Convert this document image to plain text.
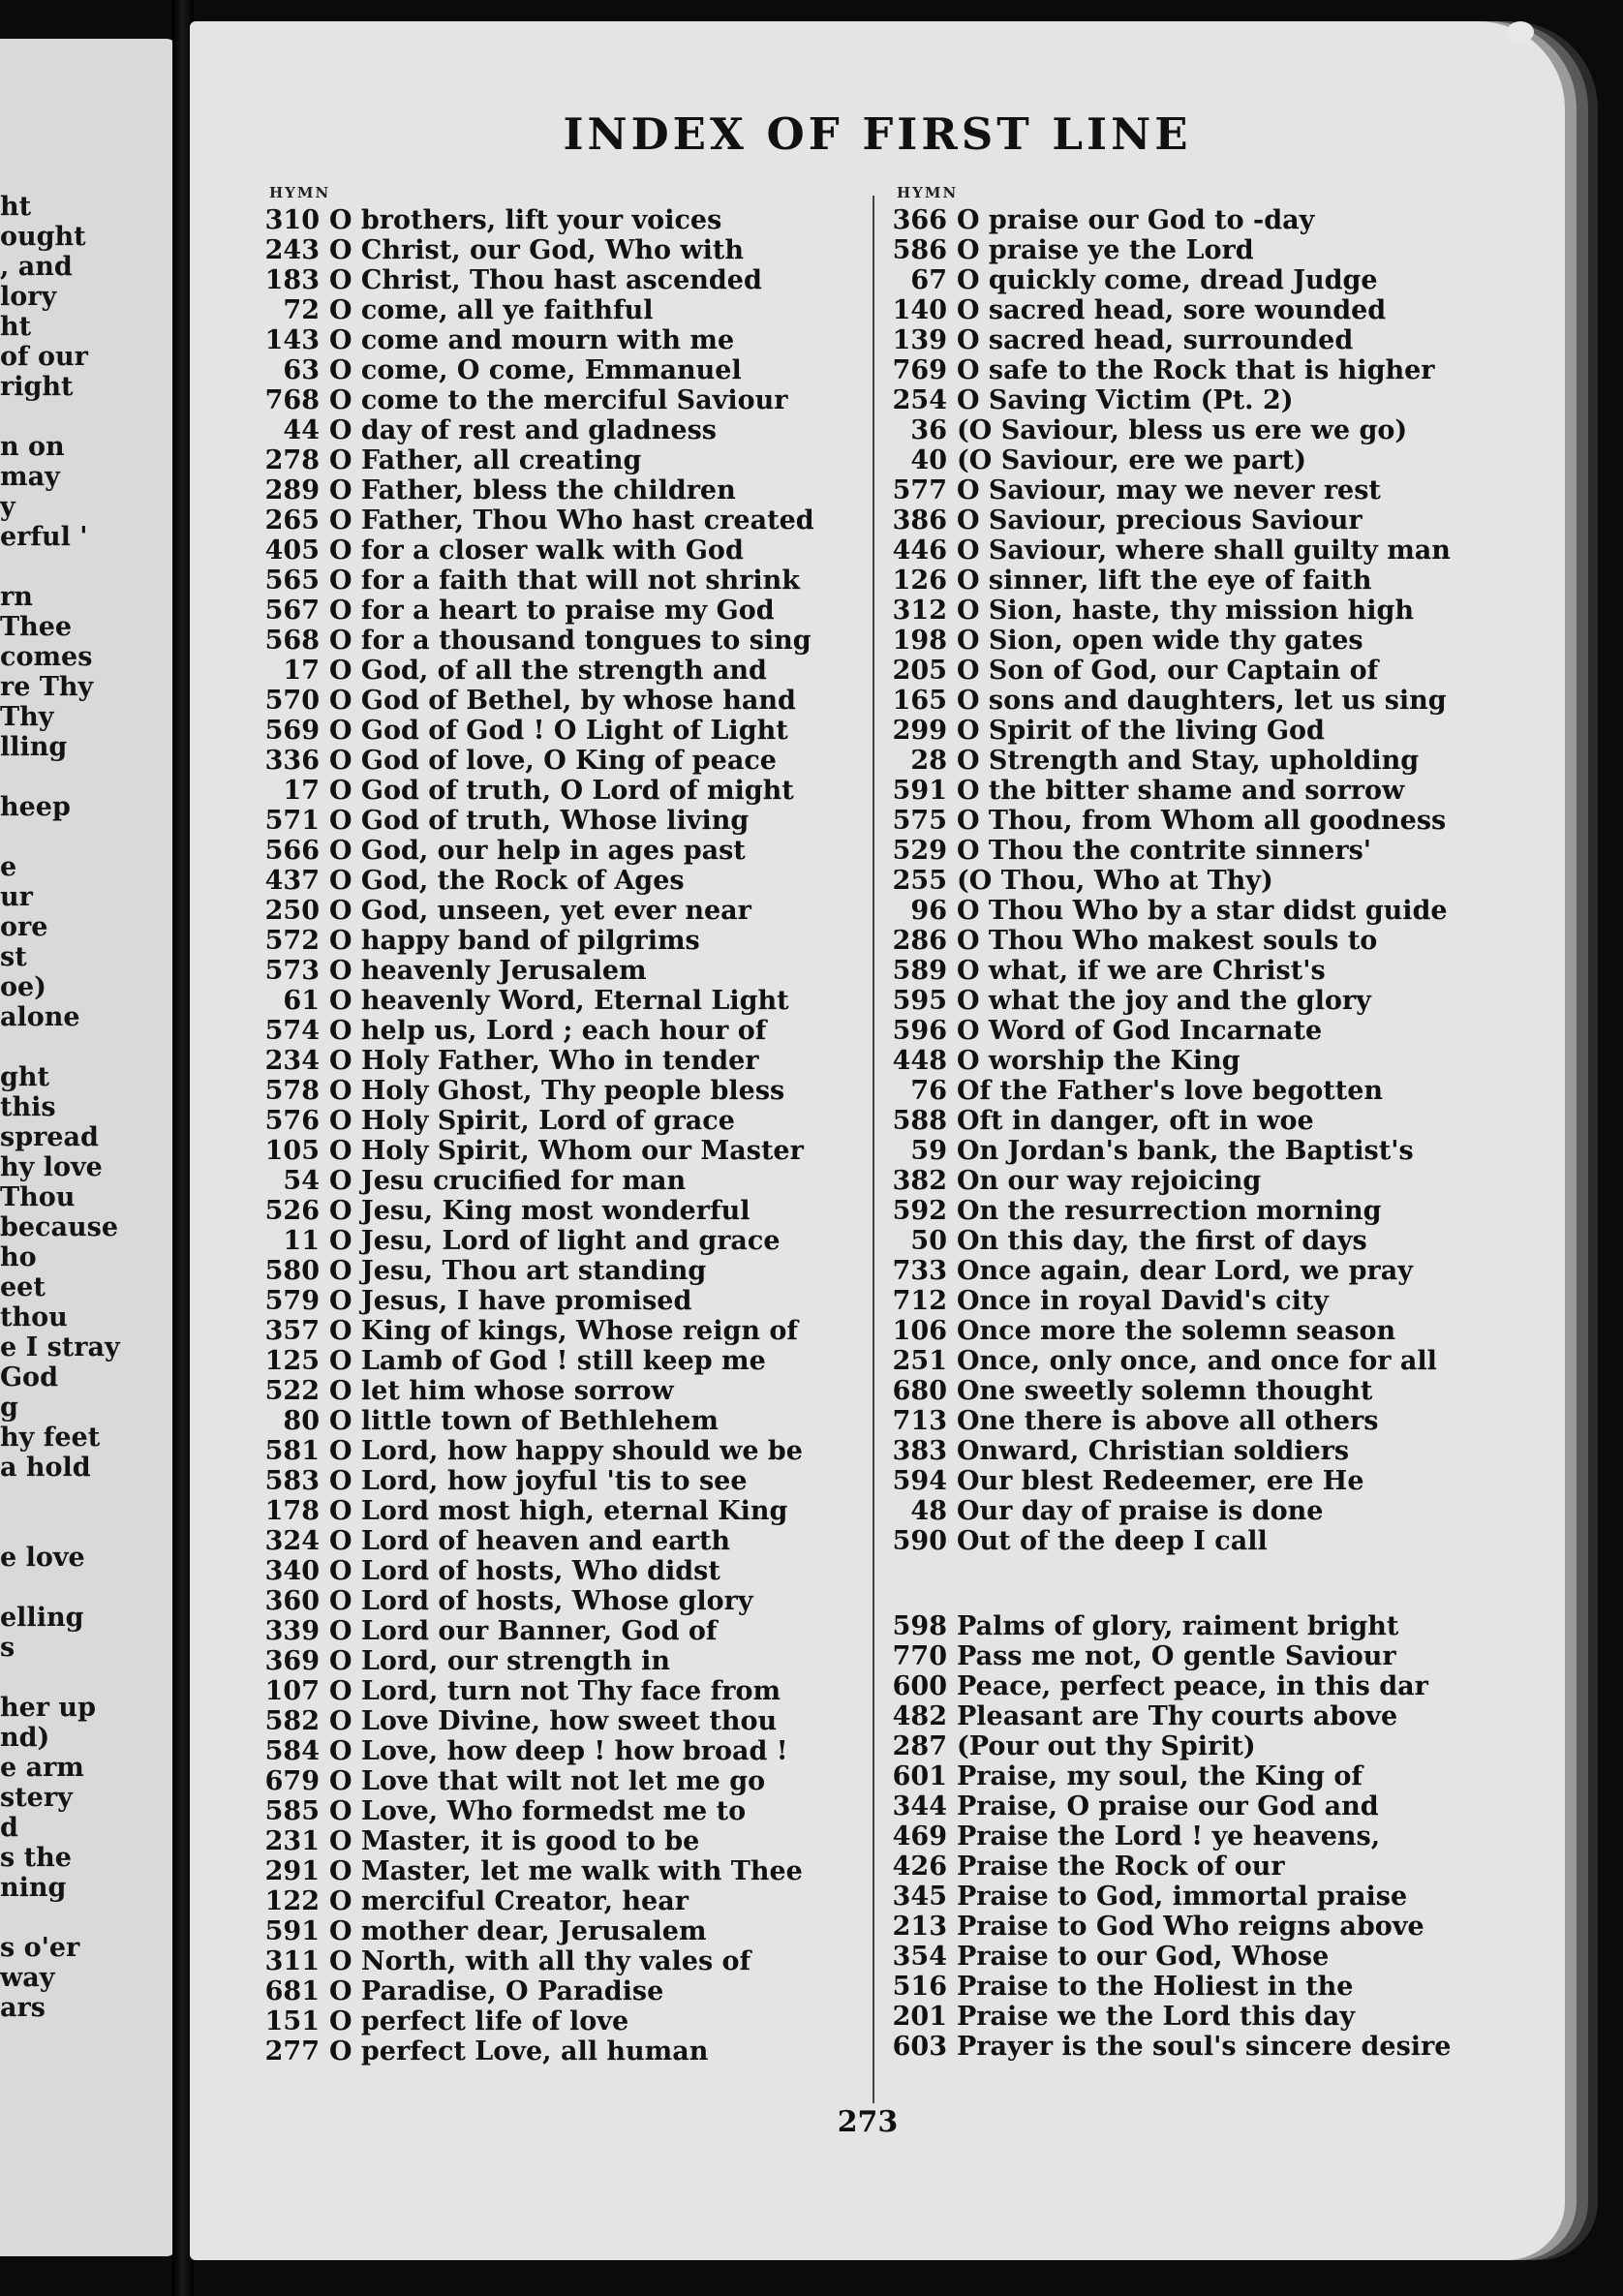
ht
ought
, and
lory
ht
of our
right
n on
may
y
erful '
rn
Thee
comes
re Thy
Thy
lling
heep
e
ur
ore
st
oe)
alone
ght
this
spread
hy love
Thou
because
ho
eet
thou
e I stray
God
g
hy feet
a hold
e love
elling
s
her up
nd)
e arm
stery
d
s the
ning
s o'er
way
ars
INDEX OF FIRST LINE
HYMN
310 O brothers, lift your voices
243 O Christ, our God, Who with
183 O Christ, Thou hast ascended
72 O come, all ye faithful
143 O come and mourn with me
63 O come, O come, Emmanuel
768 O come to the merciful Saviour
44 O day of rest and gladness
278 O Father, all creating
289 O Father, bless the children
265 O Father, Thou Who hast created
405 O for a closer walk with God
565 O for a faith that will not shrink
567 O for a heart to praise my God
568 O for a thousand tongues to sing
17 O God, of all the strength and
570 O God of Bethel, by whose hand
569 O God of God ! O Light of Light
336 O God of love, O King of peace
17 O God of truth, O Lord of might
571 O God of truth, Whose living
566 O God, our help in ages past
437 O God, the Rock of Ages
250 O God, unseen, yet ever near
572 O happy band of pilgrims
573 O heavenly Jerusalem
61 O heavenly Word, Eternal Light
574 O help us, Lord ; each hour of
234 O Holy Father, Who in tender
578 O Holy Ghost, Thy people bless
576 O Holy Spirit, Lord of grace
105 O Holy Spirit, Whom our Master
54 O Jesu crucified for man
526 O Jesu, King most wonderful
11 O Jesu, Lord of light and grace
580 O Jesu, Thou art standing
579 O Jesus, I have promised
357 O King of kings, Whose reign of
125 O Lamb of God ! still keep me
522 O let him whose sorrow
80 O little town of Bethlehem
581 O Lord, how happy should we be
583 O Lord, how joyful 'tis to see
178 O Lord most high, eternal King
324 O Lord of heaven and earth
340 O Lord of hosts, Who didst
360 O Lord of hosts, Whose glory
339 O Lord our Banner, God of
369 O Lord, our strength in
107 O Lord, turn not Thy face from
582 O Love Divine, how sweet thou
584 O Love, how deep ! how broad !
679 O Love that wilt not let me go
585 O Love, Who formedst me to
231 O Master, it is good to be
291 O Master, let me walk with Thee
122 O merciful Creator, hear
591 O mother dear, Jerusalem
311 O North, with all thy vales of
681 O Paradise, O Paradise
151 O perfect life of love
277 O perfect Love, all human
HYMN
366 O praise our God to -day
586 O praise ye the Lord
67 O quickly come, dread Judge
140 O sacred head, sore wounded
139 O sacred head, surrounded
769 O safe to the Rock that is higher
254 O Saving Victim (Pt. 2)
36 (O Saviour, bless us ere we go)
40 (O Saviour, ere we part)
577 O Saviour, may we never rest
386 O Saviour, precious Saviour
446 O Saviour, where shall guilty man
126 O sinner, lift the eye of faith
312 O Sion, haste, thy mission high
198 O Sion, open wide thy gates
205 O Son of God, our Captain of
165 O sons and daughters, let us sing
299 O Spirit of the living God
28 O Strength and Stay, upholding
591 O the bitter shame and sorrow
575 O Thou, from Whom all goodness
529 O Thou the contrite sinners'
255 (O Thou, Who at Thy)
96 O Thou Who by a star didst guide
286 O Thou Who makest souls to
589 O what, if we are Christ's
595 O what the joy and the glory
596 O Word of God Incarnate
448 O worship the King
76 Of the Father's love begotten
588 Oft in danger, oft in woe
59 On Jordan's bank, the Baptist's
382 On our way rejoicing
592 On the resurrection morning
50 On this day, the first of days
733 Once again, dear Lord, we pray
712 Once in royal David's city
106 Once more the solemn season
251 Once, only once, and once for all
680 One sweetly solemn thought
713 One there is above all others
383 Onward, Christian soldiers
594 Our blest Redeemer, ere He
48 Our day of praise is done
590 Out of the deep I call
598 Palms of glory, raiment bright
770 Pass me not, O gentle Saviour
600 Peace, perfect peace, in this dar
482 Pleasant are Thy courts above
287 (Pour out thy Spirit)
601 Praise, my soul, the King of
344 Praise, O praise our God and
469 Praise the Lord ! ye heavens,
426 Praise the Rock of our
345 Praise to God, immortal praise
213 Praise to God Who reigns above
354 Praise to our God, Whose
516 Praise to the Holiest in the
201 Praise we the Lord this day
603 Prayer is the soul's sincere desire
273
